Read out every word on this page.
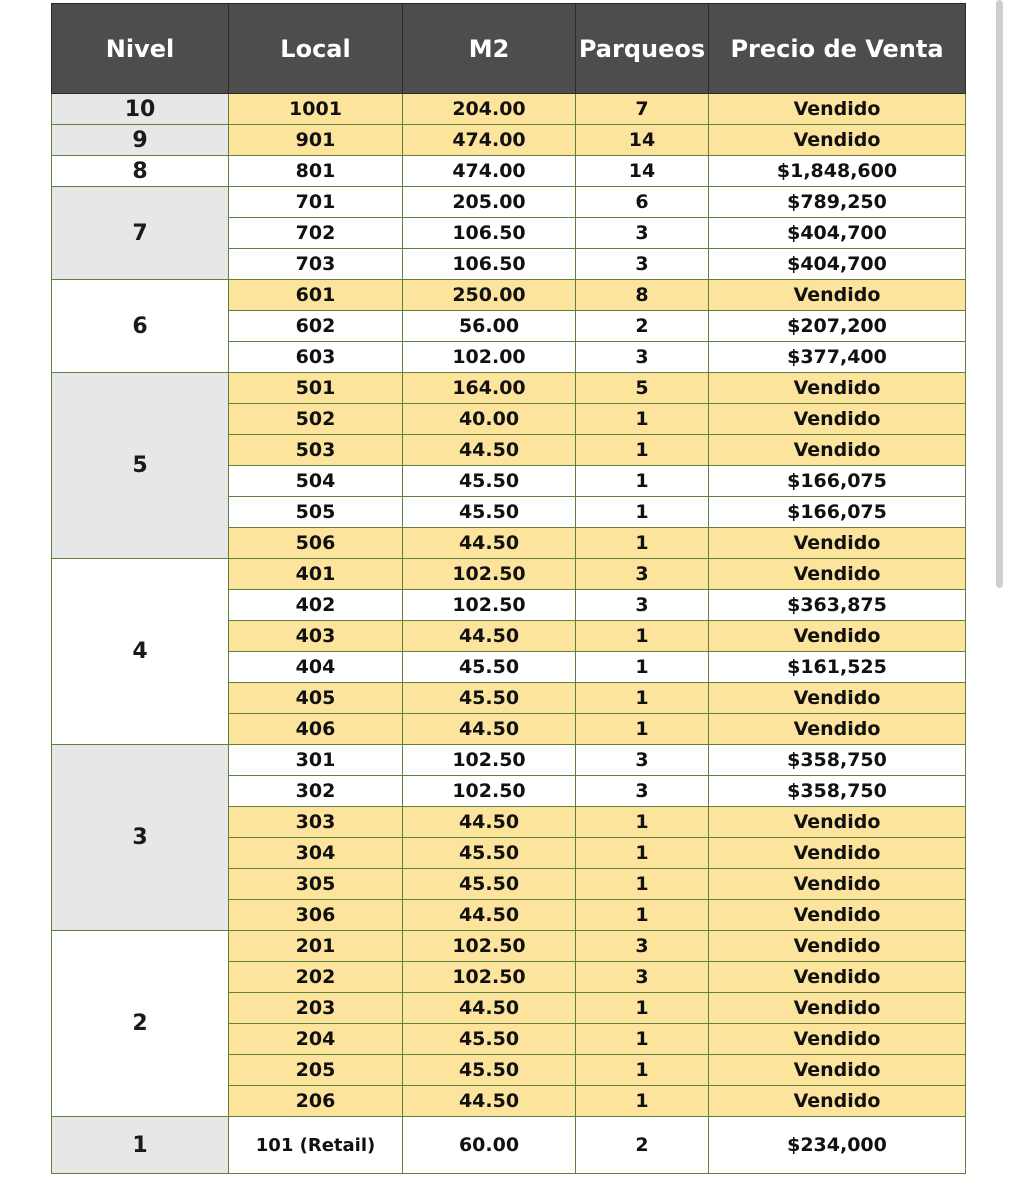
Nivel	Local	M2	Parqueos	Precio de Venta
10	1001	204.00	7	Vendido
9	901	474.00	14	Vendido
8	801	474.00	14	$1,848,600
7	701	205.00	6	$789,250
	702	106.50	3	$404,700
	703	106.50	3	$404,700
6	601	250.00	8	Vendido
	602	56.00	2	$207,200
	603	102.00	3	$377,400
5	501	164.00	5	Vendido
	502	40.00	1	Vendido
	503	44.50	1	Vendido
	504	45.50	1	$166,075
	505	45.50	1	$166,075
	506	44.50	1	Vendido
4	401	102.50	3	Vendido
	402	102.50	3	$363,875
	403	44.50	1	Vendido
	404	45.50	1	$161,525
	405	45.50	1	Vendido
	406	44.50	1	Vendido
3	301	102.50	3	$358,750
	302	102.50	3	$358,750
	303	44.50	1	Vendido
	304	45.50	1	Vendido
	305	45.50	1	Vendido
	306	44.50	1	Vendido
2	201	102.50	3	Vendido
	202	102.50	3	Vendido
	203	44.50	1	Vendido
	204	45.50	1	Vendido
	205	45.50	1	Vendido
	206	44.50	1	Vendido
1	101 (Retail)	60.00	2	$234,000
